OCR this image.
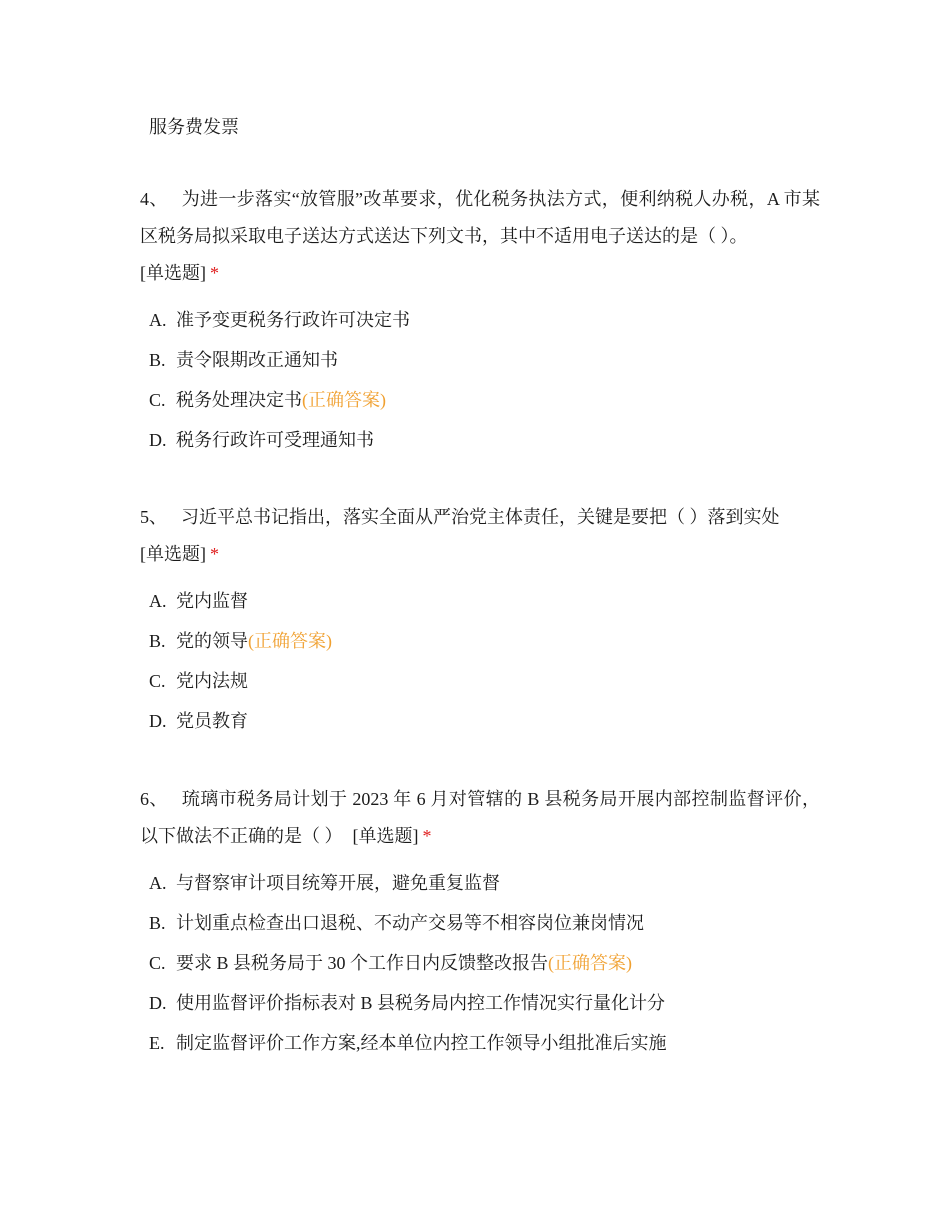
服务费发票

4、 为进一步落实“放管服”改革要求，优化税务执法方式，便利纳税人办税，A 市某区税务局拟采取电子送达方式送达下列文书，其中不适用电子送达的是（ ）。
[单选题] *

A. 准予变更税务行政许可决定书
B. 责令限期改正通知书
C. 税务处理决定书(正确答案)
D. 税务行政许可受理通知书

5、 习近平总书记指出，落实全面从严治党主体责任，关键是要把（ ）落到实处
[单选题] *

A. 党内监督
B. 党的领导(正确答案)
C. 党内法规
D. 党员教育

6、 琉璃市税务局计划于 2023 年 6 月对管辖的 B 县税务局开展内部控制监督评价，以下做法不正确的是（ ） [单选题] *

A. 与督察审计项目统筹开展，避免重复监督
B. 计划重点检查出口退税、不动产交易等不相容岗位兼岗情况
C. 要求 B 县税务局于 30 个工作日内反馈整改报告(正确答案)
D. 使用监督评价指标表对 B 县税务局内控工作情况实行量化计分
E. 制定监督评价工作方案,经本单位内控工作领导小组批准后实施
